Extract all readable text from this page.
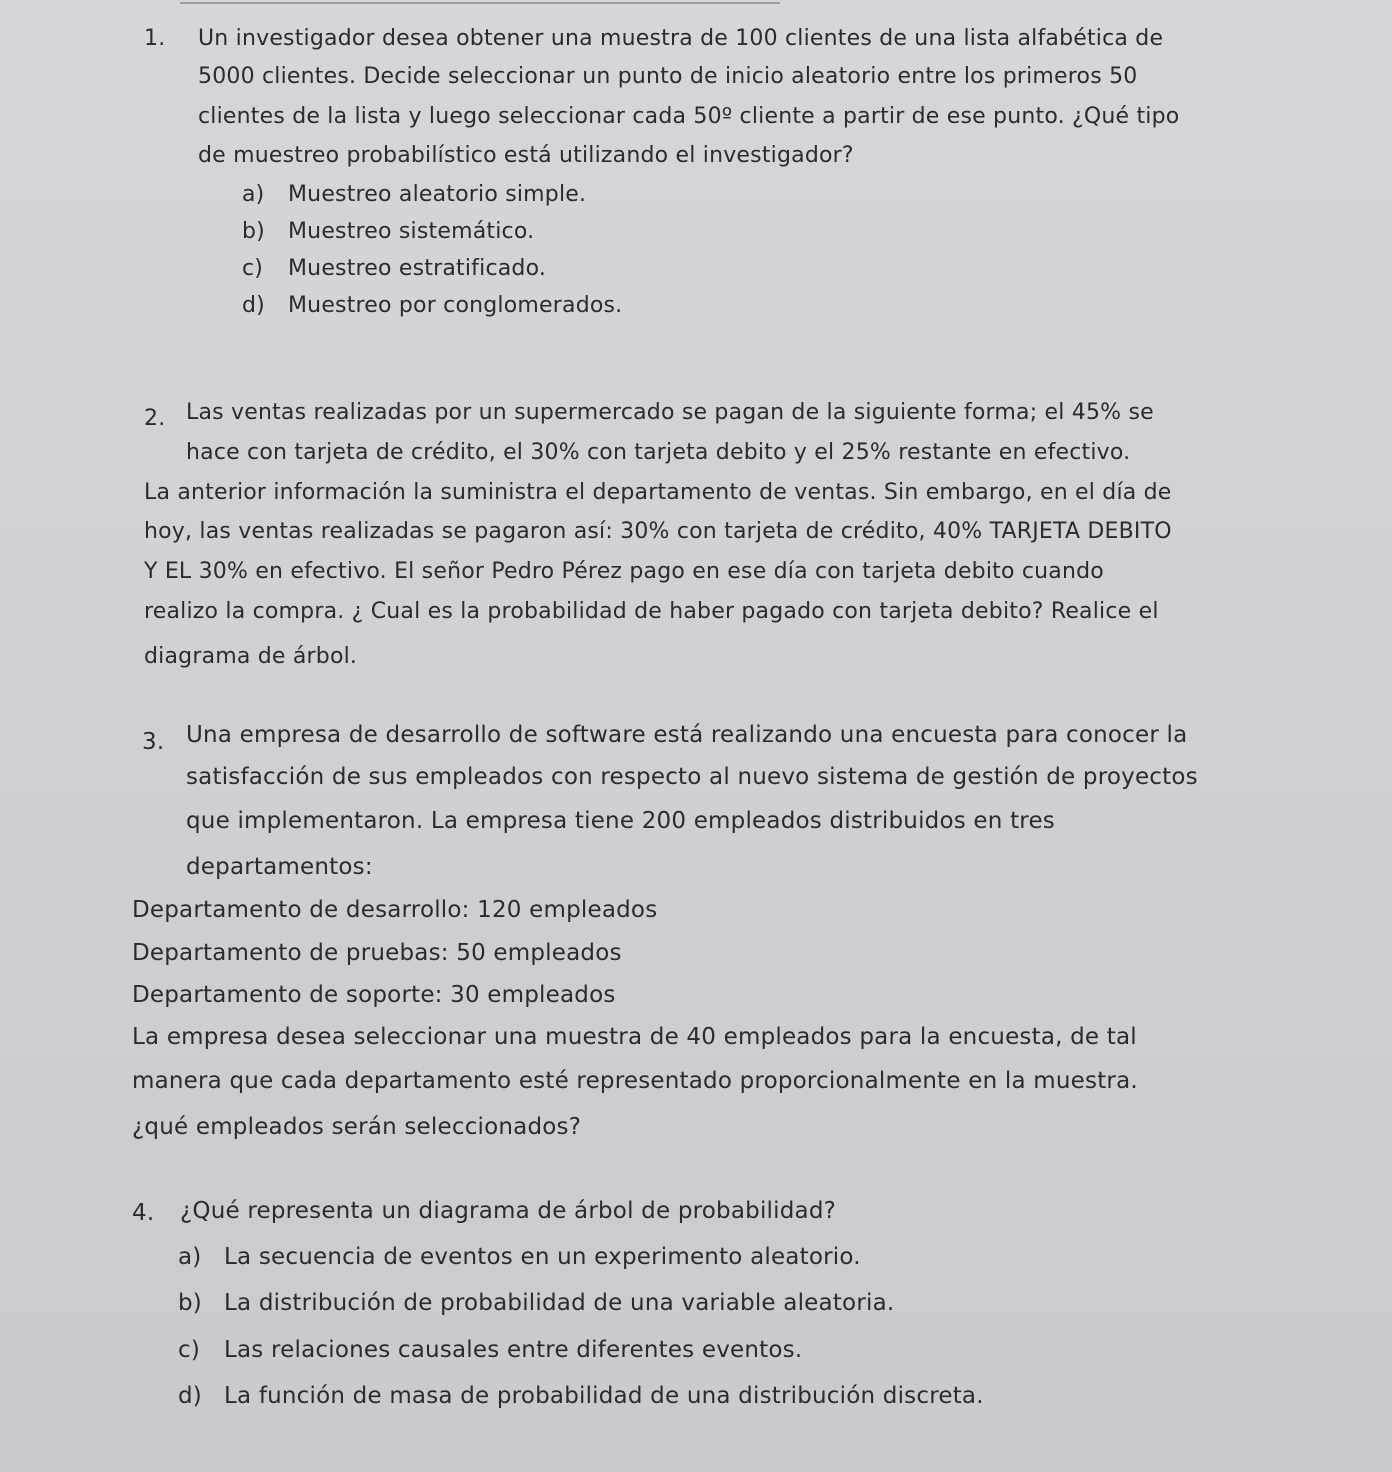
1. Un investigador desea obtener una muestra de 100 clientes de una lista alfabética de
5000 clientes. Decide seleccionar un punto de inicio aleatorio entre los primeros 50
clientes de la lista y luego seleccionar cada 50º cliente a partir de ese punto. ¿Qué tipo
de muestreo probabilístico está utilizando el investigador?
a) Muestreo aleatorio simple.
b) Muestreo sistemático.
c) Muestreo estratificado.
d) Muestreo por conglomerados.
2. Las ventas realizadas por un supermercado se pagan de la siguiente forma; el 45% se
hace con tarjeta de crédito, el 30% con tarjeta debito y el 25% restante en efectivo.
La anterior información la suministra el departamento de ventas. Sin embargo, en el día de
hoy, las ventas realizadas se pagaron así: 30% con tarjeta de crédito, 40% TARJETA DEBITO
Y EL 30% en efectivo. El señor Pedro Pérez pago en ese día con tarjeta debito cuando
realizo la compra. ¿ Cual es la probabilidad de haber pagado con tarjeta debito? Realice el
diagrama de árbol.
3. Una empresa de desarrollo de software está realizando una encuesta para conocer la
satisfacción de sus empleados con respecto al nuevo sistema de gestión de proyectos
que implementaron. La empresa tiene 200 empleados distribuidos en tres
departamentos:
Departamento de desarrollo: 120 empleados
Departamento de pruebas: 50 empleados
Departamento de soporte: 30 empleados
La empresa desea seleccionar una muestra de 40 empleados para la encuesta, de tal
manera que cada departamento esté representado proporcionalmente en la muestra.
¿qué empleados serán seleccionados?
4. ¿Qué representa un diagrama de árbol de probabilidad?
a) La secuencia de eventos en un experimento aleatorio.
b) La distribución de probabilidad de una variable aleatoria.
c) Las relaciones causales entre diferentes eventos.
d) La función de masa de probabilidad de una distribución discreta.
